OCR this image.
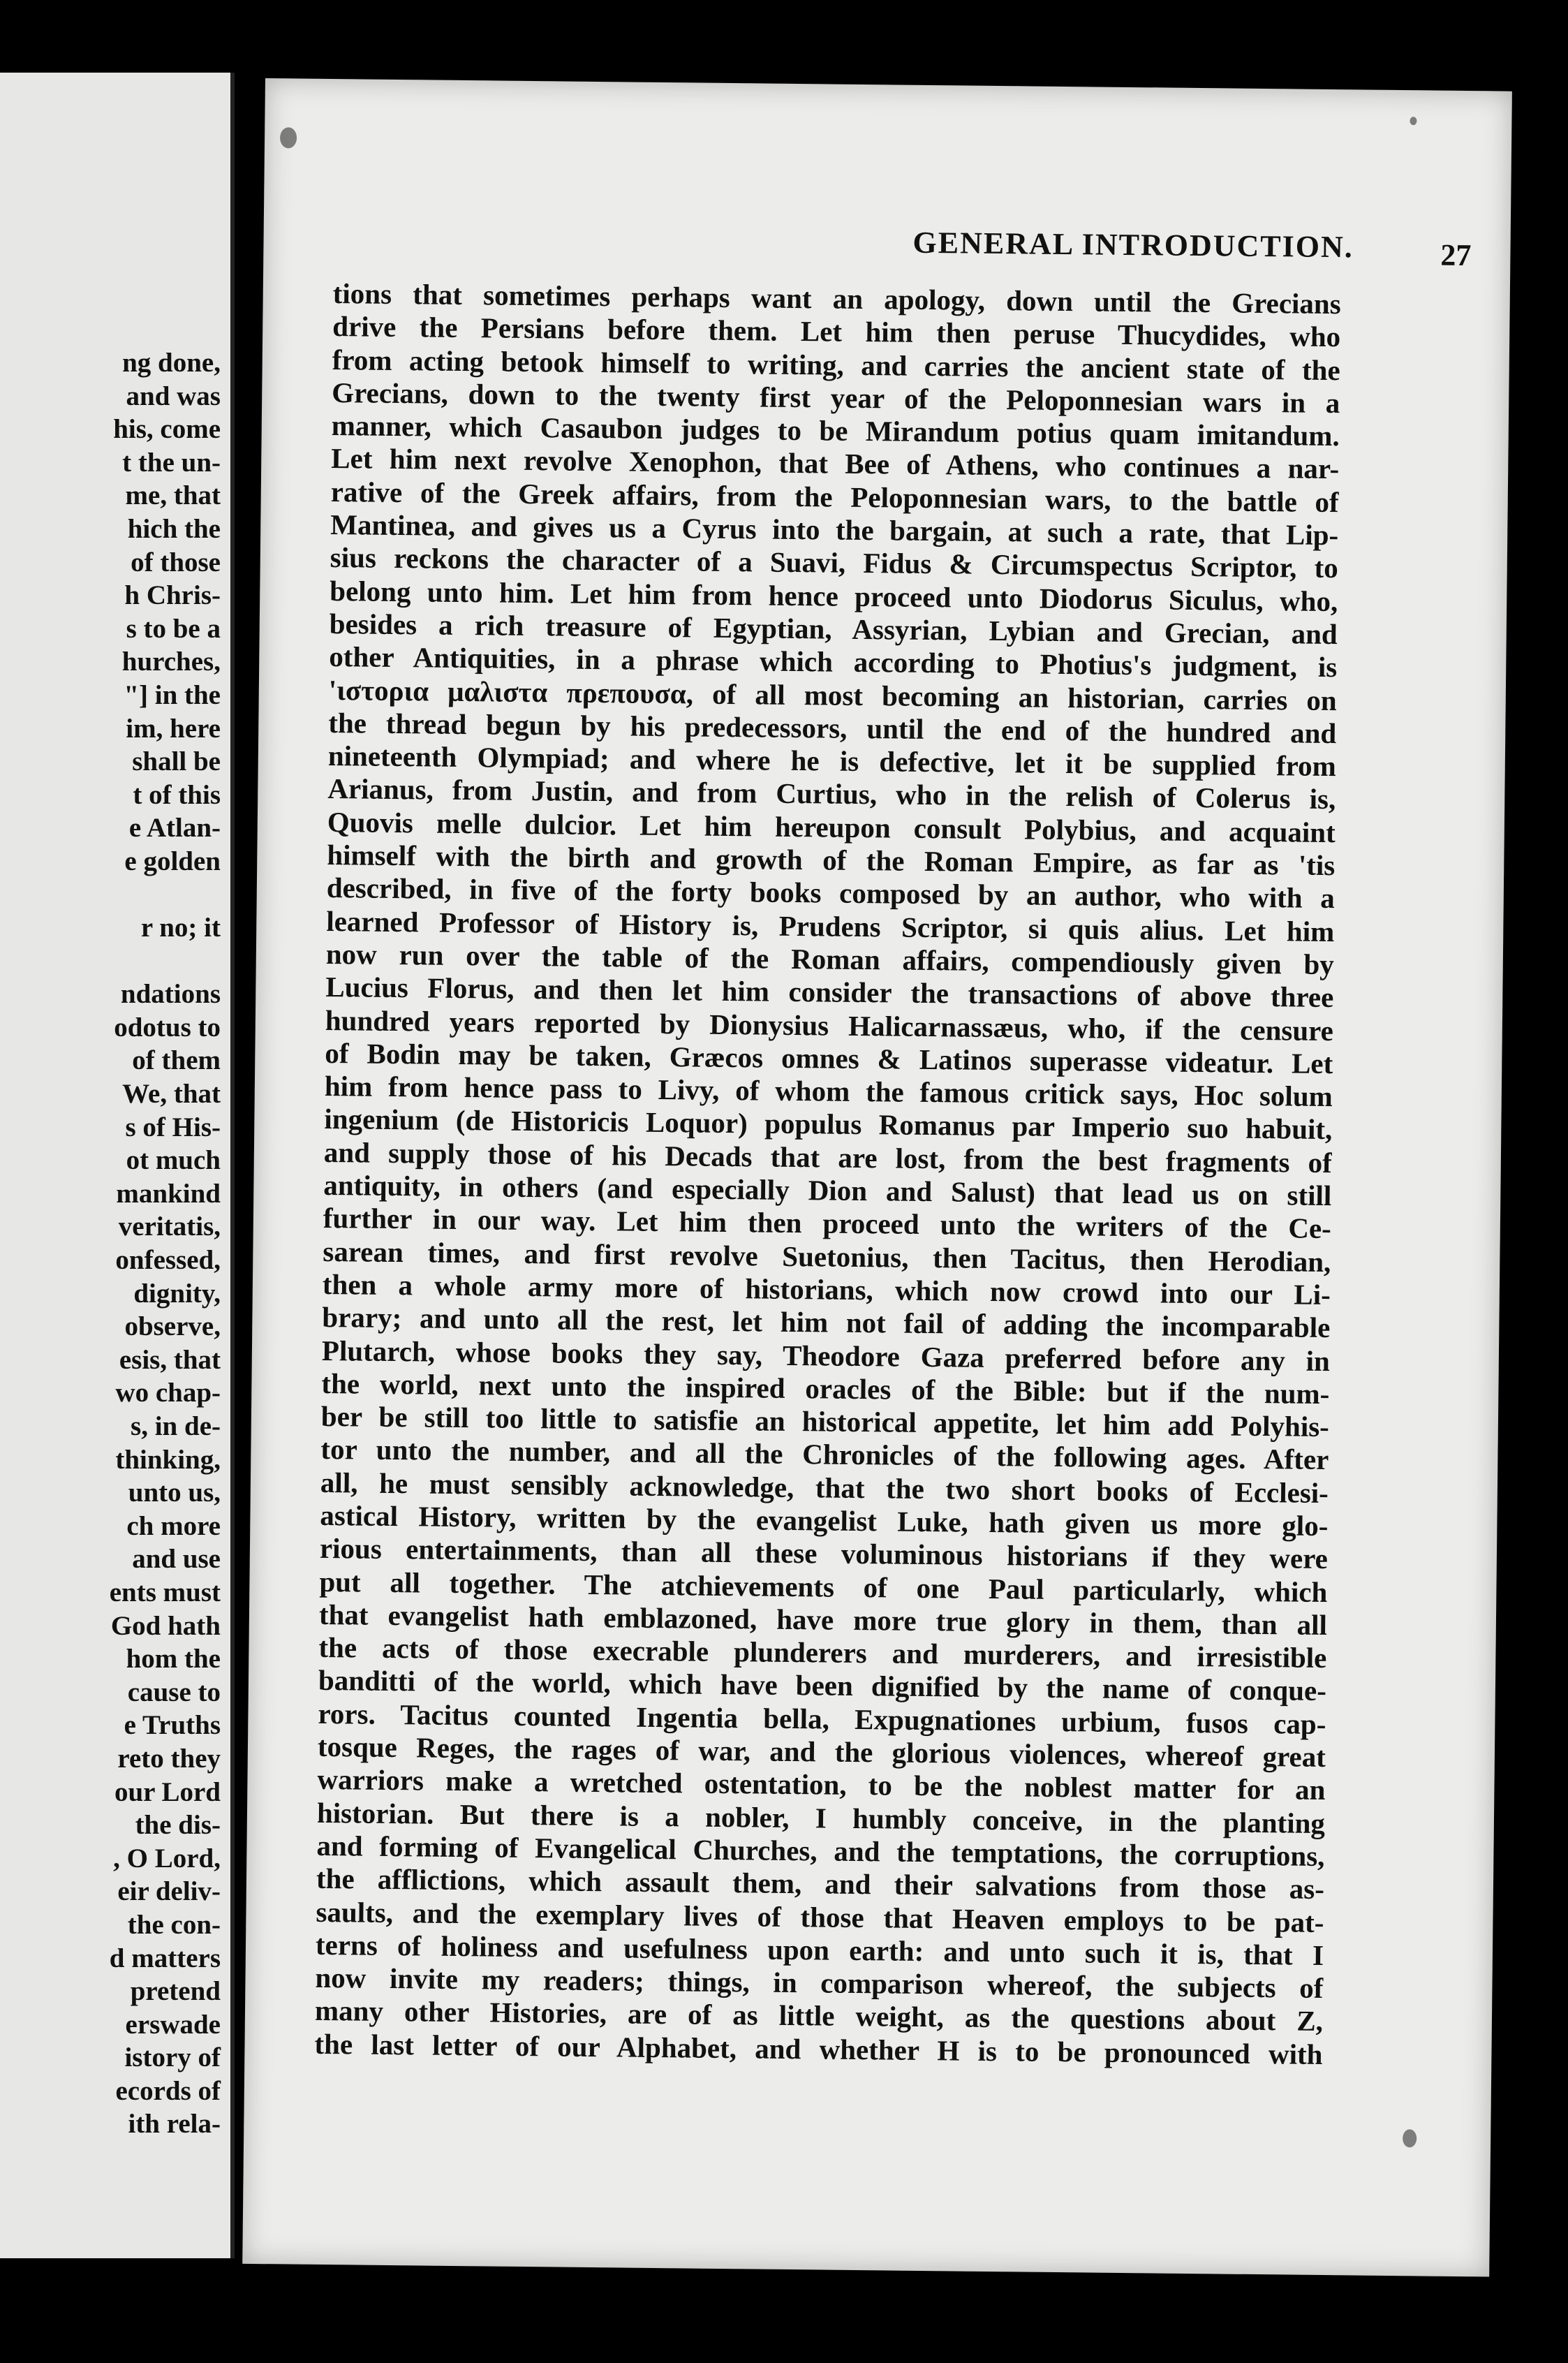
ng done,
and was
his, come
t the un-
me, that
hich the
of those
h Chris-
s to be a
hurches,
"] in the
im, here
shall be
t of this
e Atlan-
e golden
r no; it
ndations
odotus to
of them
We, that
s of His-
ot much
mankind
veritatis,
onfessed,
dignity,
observe,
esis, that
wo chap-
s, in de-
thinking,
unto us,
ch more
and use
ents must
God hath
hom the
cause to
e Truths
reto they
our Lord
the dis-
, O Lord,
eir deliv-
the con-
d matters
pretend
erswade
istory of
ecords of
ith rela-
GENERAL INTRODUCTION.	27
tions that sometimes perhaps want an apology, down until the Grecians
drive the Persians before them. Let him then peruse Thucydides, who
from acting betook himself to writing, and carries the ancient state of the
Grecians, down to the twenty first year of the Peloponnesian wars in a
manner, which Casaubon judges to be Mirandum potius quam imitandum.
Let him next revolve Xenophon, that Bee of Athens, who continues a nar-
rative of the Greek affairs, from the Peloponnesian wars, to the battle of
Mantinea, and gives us a Cyrus into the bargain, at such a rate, that Lip-
sius reckons the character of a Suavi, Fidus & Circumspectus Scriptor, to
belong unto him. Let him from hence proceed unto Diodorus Siculus, who,
besides a rich treasure of Egyptian, Assyrian, Lybian and Grecian, and
other Antiquities, in a phrase which according to Photius's judgment, is
'ιστορια μαλιστα πρεπουσα, of all most becoming an historian, carries on
the thread begun by his predecessors, until the end of the hundred and
nineteenth Olympiad; and where he is defective, let it be supplied from
Arianus, from Justin, and from Curtius, who in the relish of Colerus is,
Quovis melle dulcior. Let him hereupon consult Polybius, and acquaint
himself with the birth and growth of the Roman Empire, as far as 'tis
described, in five of the forty books composed by an author, who with a
learned Professor of History is, Prudens Scriptor, si quis alius. Let him
now run over the table of the Roman affairs, compendiously given by
Lucius Florus, and then let him consider the transactions of above three
hundred years reported by Dionysius Halicarnassæus, who, if the censure
of Bodin may be taken, Græcos omnes & Latinos superasse videatur. Let
him from hence pass to Livy, of whom the famous critick says, Hoc solum
ingenium (de Historicis Loquor) populus Romanus par Imperio suo habuit,
and supply those of his Decads that are lost, from the best fragments of
antiquity, in others (and especially Dion and Salust) that lead us on still
further in our way. Let him then proceed unto the writers of the Ce-
sarean times, and first revolve Suetonius, then Tacitus, then Herodian,
then a whole army more of historians, which now crowd into our Li-
brary; and unto all the rest, let him not fail of adding the incomparable
Plutarch, whose books they say, Theodore Gaza preferred before any in
the world, next unto the inspired oracles of the Bible: but if the num-
ber be still too little to satisfie an historical appetite, let him add Polyhis-
tor unto the number, and all the Chronicles of the following ages. After
all, he must sensibly acknowledge, that the two short books of Ecclesi-
astical History, written by the evangelist Luke, hath given us more glo-
rious entertainments, than all these voluminous historians if they were
put all together. The atchievements of one Paul particularly, which
that evangelist hath emblazoned, have more true glory in them, than all
the acts of those execrable plunderers and murderers, and irresistible
banditti of the world, which have been dignified by the name of conque-
rors. Tacitus counted Ingentia bella, Expugnationes urbium, fusos cap-
tosque Reges, the rages of war, and the glorious violences, whereof great
warriors make a wretched ostentation, to be the noblest matter for an
historian. But there is a nobler, I humbly conceive, in the planting
and forming of Evangelical Churches, and the temptations, the corruptions,
the afflictions, which assault them, and their salvations from those as-
saults, and the exemplary lives of those that Heaven employs to be pat-
terns of holiness and usefulness upon earth: and unto such it is, that I
now invite my readers; things, in comparison whereof, the subjects of
many other Histories, are of as little weight, as the questions about Z,
the last letter of our Alphabet, and whether H is to be pronounced with
